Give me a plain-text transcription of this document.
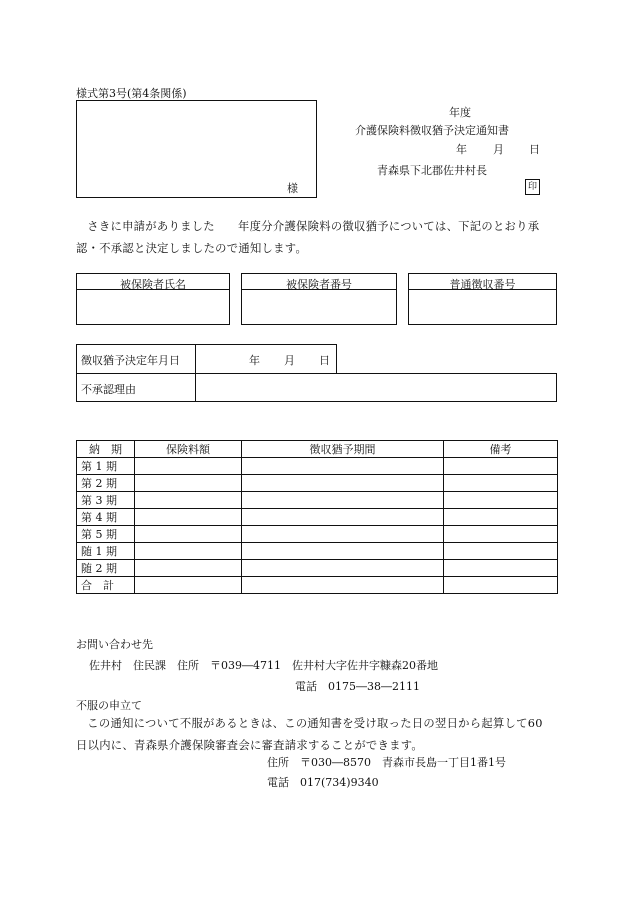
様式第3号(第4条関係)
様
年度
介護保険料徴収猶予決定通知書
年 月 日
青森県下北郡佐井村長
印
さきに申請がありました　　年度分介護保険料の徴収猶予については、下記のとおり承認・不承認と決定しましたので通知します。
被保険者氏名	被保険者番号	普通徴収番号
徴収猶予決定年月日	年 月 日
不承認理由
納　期	保険料額	徴収猶予期間	備考
第 1 期			
第 2 期			
第 3 期			
第 4 期			
第 5 期			
随 1 期			
随 2 期			
合　計			
お問い合わせ先
佐井村　住民課　住所　〒039―4711　佐井村大字佐井字糠森20番地
電話　0175―38―2111
不服の申立て
この通知について不服があるときは、この通知書を受け取った日の翌日から起算して60日以内に、青森県介護保険審査会に審査請求することができます。
住所　〒030―8570　青森市長島一丁目1番1号
電話　017(734)9340
